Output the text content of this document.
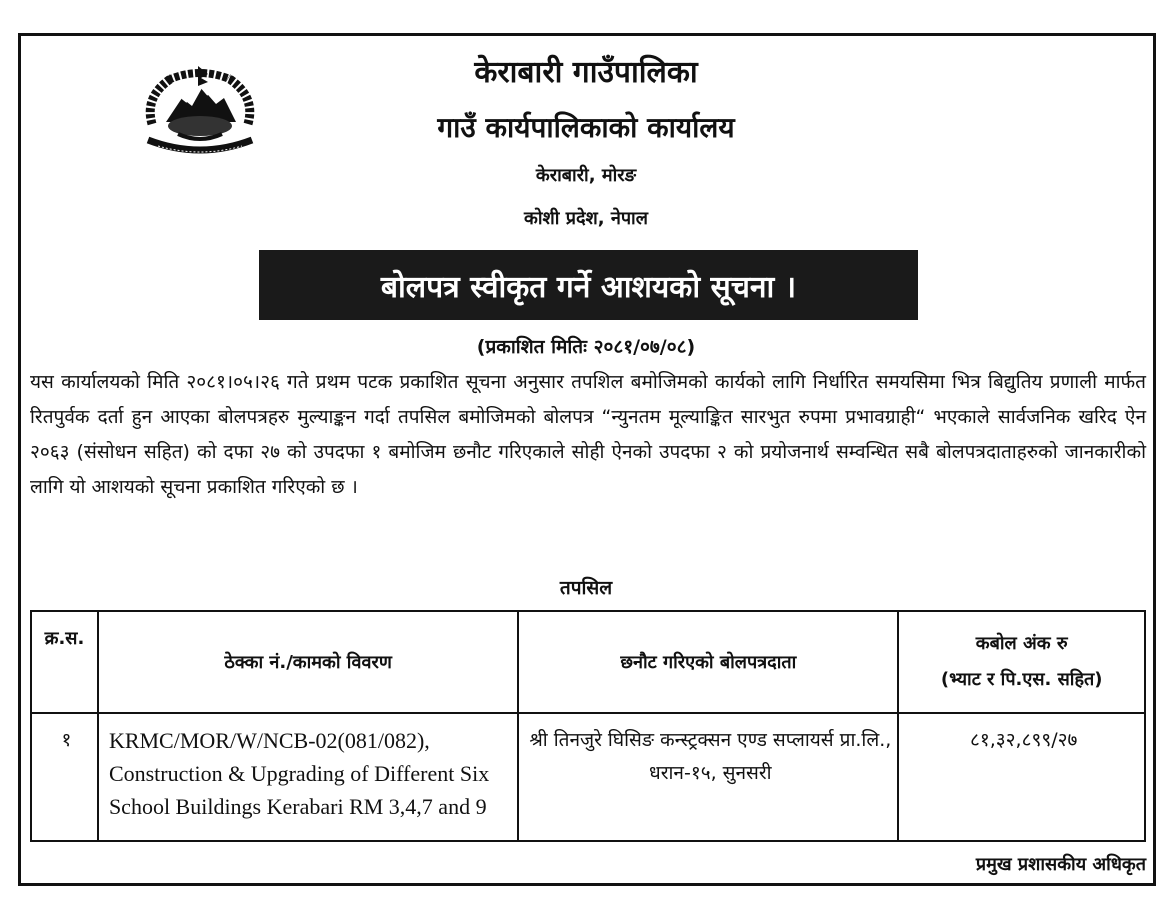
केराबारी गाउँपालिका
गाउँ कार्यपालिकाको कार्यालय
केराबारी, मोरङ
कोशी प्रदेश, नेपाल
बोलपत्र स्वीकृत गर्ने आशयको सूचना ।
(प्रकाशित मितिः २०८१/०७/०८)

यस कार्यालयको मिति २०८१।०५।२६ गते प्रथम पटक प्रकाशित सूचना अनुसार तपशिल बमोजिमको कार्यको लागि निर्धारित समयसिमा भित्र बिद्युतिय प्रणाली मार्फत रितपुर्वक दर्ता हुन आएका बोलपत्रहरु मुल्याङ्कन गर्दा तपसिल बमोजिमको बोलपत्र “न्युनतम मूल्याङ्कित सारभुत रुपमा प्रभावग्राही“ भएकाले सार्वजनिक खरिद ऐन २०६३ (संसोधन सहित) को दफा २७ को उपदफा १ बमोजिम छनौट गरिएकाले सोही ऐनको उपदफा २ को प्रयोजनार्थ सम्वन्धित सबै बोलपत्रदाताहरुको जानकारीको लागि यो आशयको सूचना प्रकाशित गरिएको छ ।

तपसिल
क्र.स.	ठेक्का नं./कामको विवरण	छनौट गरिएको बोलपत्रदाता	कबोल अंक रु
(भ्याट र पि.एस. सहित)
१	KRMC/MOR/W/NCB-02(081/082), Construction & Upgrading of Different Six School Buildings Kerabari RM 3,4,7 and 9	श्री तिनजुरे घिसिङ कन्स्ट्रक्सन एण्ड सप्लायर्स प्रा.लि., धरान-१५, सुनसरी	८१,३२,८९९/२७
प्रमुख प्रशासकीय अधिकृत
